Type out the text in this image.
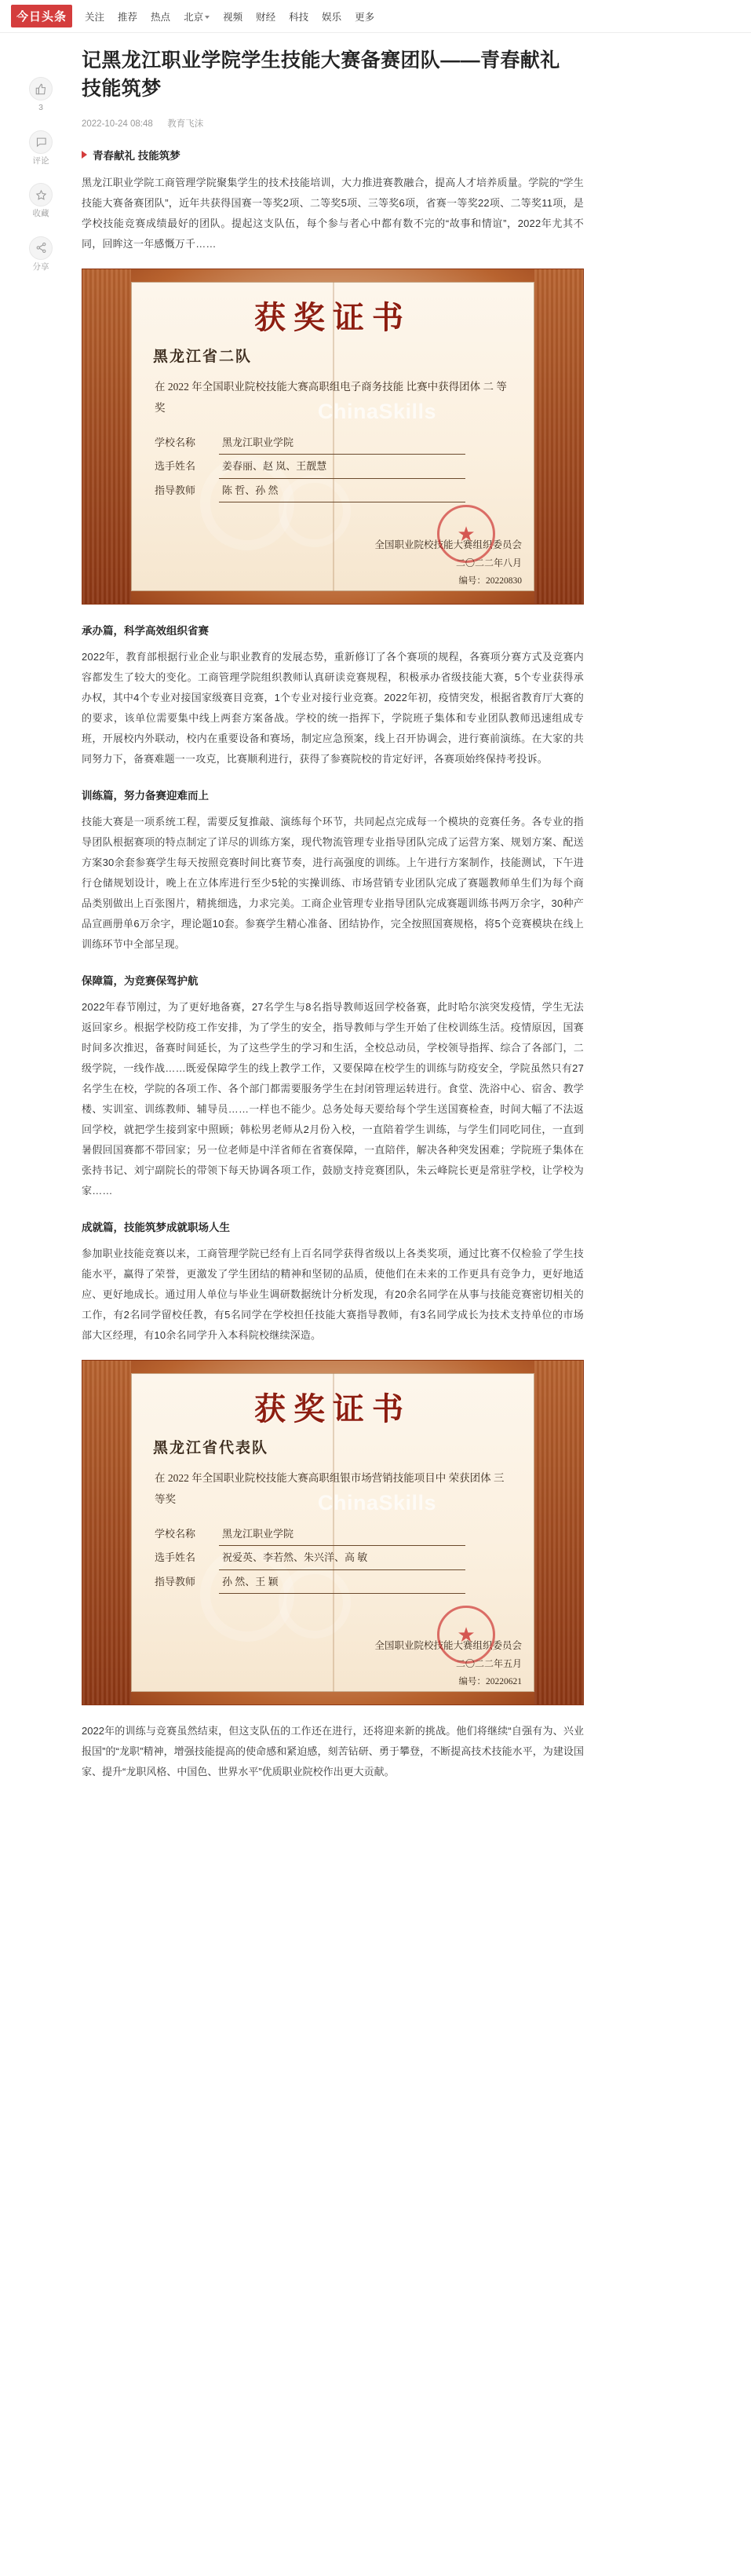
今日头条	关注 推荐 热点 北京	视频 财经 科技 娱乐 更多
3
评论
收藏
分享
记黑龙江职业学院学生技能大赛备赛团队——青春献礼 技能筑梦
2022-10-24 08:48 教育飞沫
青春献礼 技能筑梦

黑龙江职业学院工商管理学院聚集学生的技术技能培训，大力推进赛教融合，提高人才培养质量。学院的“学生技能大赛备赛团队”，近年共获得国赛一等奖2项、二等奖5项、三等奖6项，省赛一等奖22项、二等奖11项，是学校技能竞赛成绩最好的团队。提起这支队伍，每个参与者心中都有数不完的“故事和情谊”，2022年尤其不同，回眸这一年感慨万千……

获奖证书
黑龙江省二队
在 2022 年全国职业院校技能大赛高职组电子商务技能 比赛中获得团体 二 等奖
学校名称	黑龙江职业学院
选手姓名	姜春丽、赵 岚、王靓慧
指导教师	陈 哲、孙 然
ChinaSkills
全国职业院校技能大赛组织委员会
★
二〇二二年八月
编号：20220830
承办篇，科学高效组织省赛

2022年，教育部根据行业企业与职业教育的发展态势，重新修订了各个赛项的规程，各赛项分赛方式及竞赛内容都发生了较大的变化。工商管理学院组织教师认真研读竞赛规程，积极承办省级技能大赛，5个专业获得承办权，其中4个专业对接国家级赛目竞赛，1个专业对接行业竞赛。2022年初，疫情突发，根据省教育厅大赛的的要求，该单位需要集中线上两套方案备战。学校的统一指挥下，学院班子集体和专业团队教师迅速组成专班，开展校内外联动，校内在重要设备和赛场，制定应急预案，线上召开协调会，进行赛前演练。在大家的共同努力下，备赛难题一一攻克，比赛顺利进行，获得了参赛院校的肯定好评，各赛项始终保持考投诉。

训练篇，努力备赛迎难而上

技能大赛是一项系统工程，需要反复推敲、演练每个环节，共同起点完成每一个模块的竞赛任务。各专业的指导团队根据赛项的特点制定了详尽的训练方案，现代物流管理专业指导团队完成了运营方案、规划方案、配送方案30余套参赛学生每天按照竞赛时间比赛节奏，进行高强度的训练。上午进行方案制作，技能测试，下午进行仓储规划设计，晚上在立体库进行至少5轮的实操训练、市场营销专业团队完成了赛题教师单生们为每个商品类别做出上百张图片，精挑细选，力求完美。工商企业管理专业指导团队完成赛题训练书两万余字，30种产品宣画册单6万余字，理论题10套。参赛学生精心准备、团结协作，完全按照国赛规格，将5个竞赛模块在线上训练环节中全部呈现。

保障篇，为竞赛保驾护航

2022年春节刚过，为了更好地备赛，27名学生与8名指导教师返回学校备赛，此时哈尔滨突发疫情，学生无法返回家乡。根据学校防疫工作安排，为了学生的安全，指导教师与学生开始了住校训练生活。疫情原因，国赛时间多次推迟，备赛时间延长，为了这些学生的学习和生活，全校总动员，学校领导指挥、综合了各部门，二级学院，一线作战……既爱保障学生的线上教学工作，又要保障在校学生的训练与防疫安全，学院虽然只有27名学生在校，学院的各项工作、各个部门都需要服务学生在封闭管理运转进行。食堂、洗浴中心、宿舍、教学楼、实训室、训练教师、辅导员……一样也不能少。总务处每天要给每个学生送国赛检查，时间大幅了不法返回学校，就把学生接到家中照顾；韩松男老师从2月份入校，一直陪着学生训练，与学生们同吃同住，一直到暑假回国赛都不带回家；另一位老师是中洋省师在省赛保障，一直陪伴，解决各种突发困难；学院班子集体在张持书记、刘宁副院长的带领下每天协调各项工作，鼓励支持竞赛团队，朱云峰院长更是常驻学校，让学校为家……

成就篇，技能筑梦成就职场人生

参加职业技能竞赛以来，工商管理学院已经有上百名同学获得省级以上各类奖项，通过比赛不仅检验了学生技能水平，赢得了荣誉，更激发了学生团结的精神和坚韧的品质，使他们在未来的工作更具有竞争力，更好地适应、更好地成长。通过用人单位与毕业生调研数据统计分析发现，有20余名同学在从事与技能竞赛密切相关的工作，有2名同学留校任教，有5名同学在学校担任技能大赛指导教师，有3名同学成长为技术支持单位的市场部大区经理，有10余名同学升入本科院校继续深造。

获奖证书
黑龙江省代表队
在 2022 年全国职业院校技能大赛高职组银市场营销技能项目中 荣获团体 三 等奖
学校名称	黑龙江职业学院
选手姓名	祝爱英、李若然、朱兴洋、高 敏
指导教师	孙 然、王 颖
ChinaSkills
全国职业院校技能大赛组织委员会
★
二〇二二年五月
编号：20220621

2022年的训练与竞赛虽然结束，但这支队伍的工作还在进行，还将迎来新的挑战。他们将继续“自强有为、兴业报国”的“龙职”精神，增强技能提高的使命感和紧迫感，刻苦钻研、勇于攀登，不断提高技术技能水平，为建设国家、提升“龙职风格、中国色、世界水平”优质职业院校作出更大贡献。
